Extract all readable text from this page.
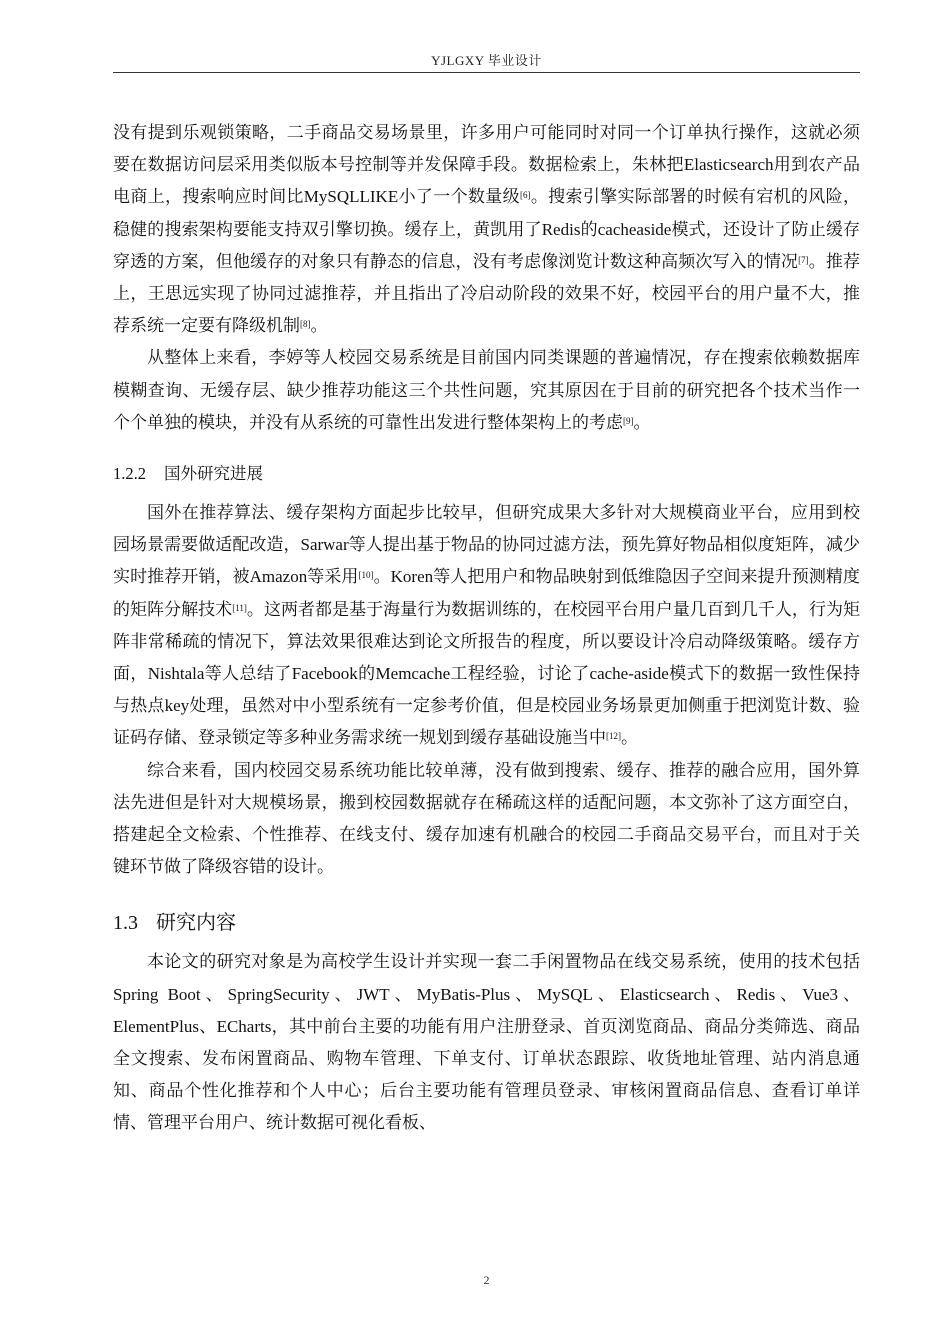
YJLGXY 毕业设计

没有提到乐观锁策略，二手商品交易场景里，许多用户可能同时对同一个订单执行操作，这就必须要在数据访问层采用类似版本号控制等并发保障手段。数据检索上，朱林把Elasticsearch用到农产品电商上，搜索响应时间比MySQLLIKE小了一个数量级[6]。搜索引擎实际部署的时候有宕机的风险，稳健的搜索架构要能支持双引擎切换。缓存上，黄凯用了Redis的cacheaside模式，还设计了防止缓存穿透的方案，但他缓存的对象只有静态的信息，没有考虑像浏览计数这种高频次写入的情况[7]。推荐上，王思远实现了协同过滤推荐，并且指出了冷启动阶段的效果不好，校园平台的用户量不大，推荐系统一定要有降级机制[8]。

从整体上来看，李婷等人校园交易系统是目前国内同类课题的普遍情况，存在搜索依赖数据库模糊查询、无缓存层、缺少推荐功能这三个共性问题，究其原因在于目前的研究把各个技术当作一个个单独的模块，并没有从系统的可靠性出发进行整体架构上的考虑[9]。

1.2.2 国外研究进展

国外在推荐算法、缓存架构方面起步比较早，但研究成果大多针对大规模商业平台，应用到校园场景需要做适配改造，Sarwar等人提出基于物品的协同过滤方法，预先算好物品相似度矩阵，减少实时推荐开销，被Amazon等采用[10]。Koren等人把用户和物品映射到低维隐因子空间来提升预测精度的矩阵分解技术[11]。这两者都是基于海量行为数据训练的，在校园平台用户量几百到几千人，行为矩阵非常稀疏的情况下，算法效果很难达到论文所报告的程度，所以要设计冷启动降级策略。缓存方面，Nishtala等人总结了Facebook的Memcache工程经验，讨论了cache-aside模式下的数据一致性保持与热点key处理，虽然对中小型系统有一定参考价值，但是校园业务场景更加侧重于把浏览计数、验证码存储、登录锁定等多种业务需求统一规划到缓存基础设施当中[12]。

综合来看，国内校园交易系统功能比较单薄，没有做到搜索、缓存、推荐的融合应用，国外算法先进但是针对大规模场景，搬到校园数据就存在稀疏这样的适配问题，本文弥补了这方面空白，搭建起全文检索、个性推荐、在线支付、缓存加速有机融合的校园二手商品交易平台，而且对于关键环节做了降级容错的设计。

1.3 研究内容

本论文的研究对象是为高校学生设计并实现一套二手闲置物品在线交易系统，使用的技术包括Spring Boot、SpringSecurity、JWT、MyBatis-Plus、MySQL、Elasticsearch、Redis、Vue3、ElementPlus、ECharts，其中前台主要的功能有用户注册登录、首页浏览商品、商品分类筛选、商品全文搜索、发布闲置商品、购物车管理、下单支付、订单状态跟踪、收货地址管理、站内消息通知、商品个性化推荐和个人中心；后台主要功能有管理员登录、审核闲置商品信息、查看订单详情、管理平台用户、统计数据可视化看板、

2
